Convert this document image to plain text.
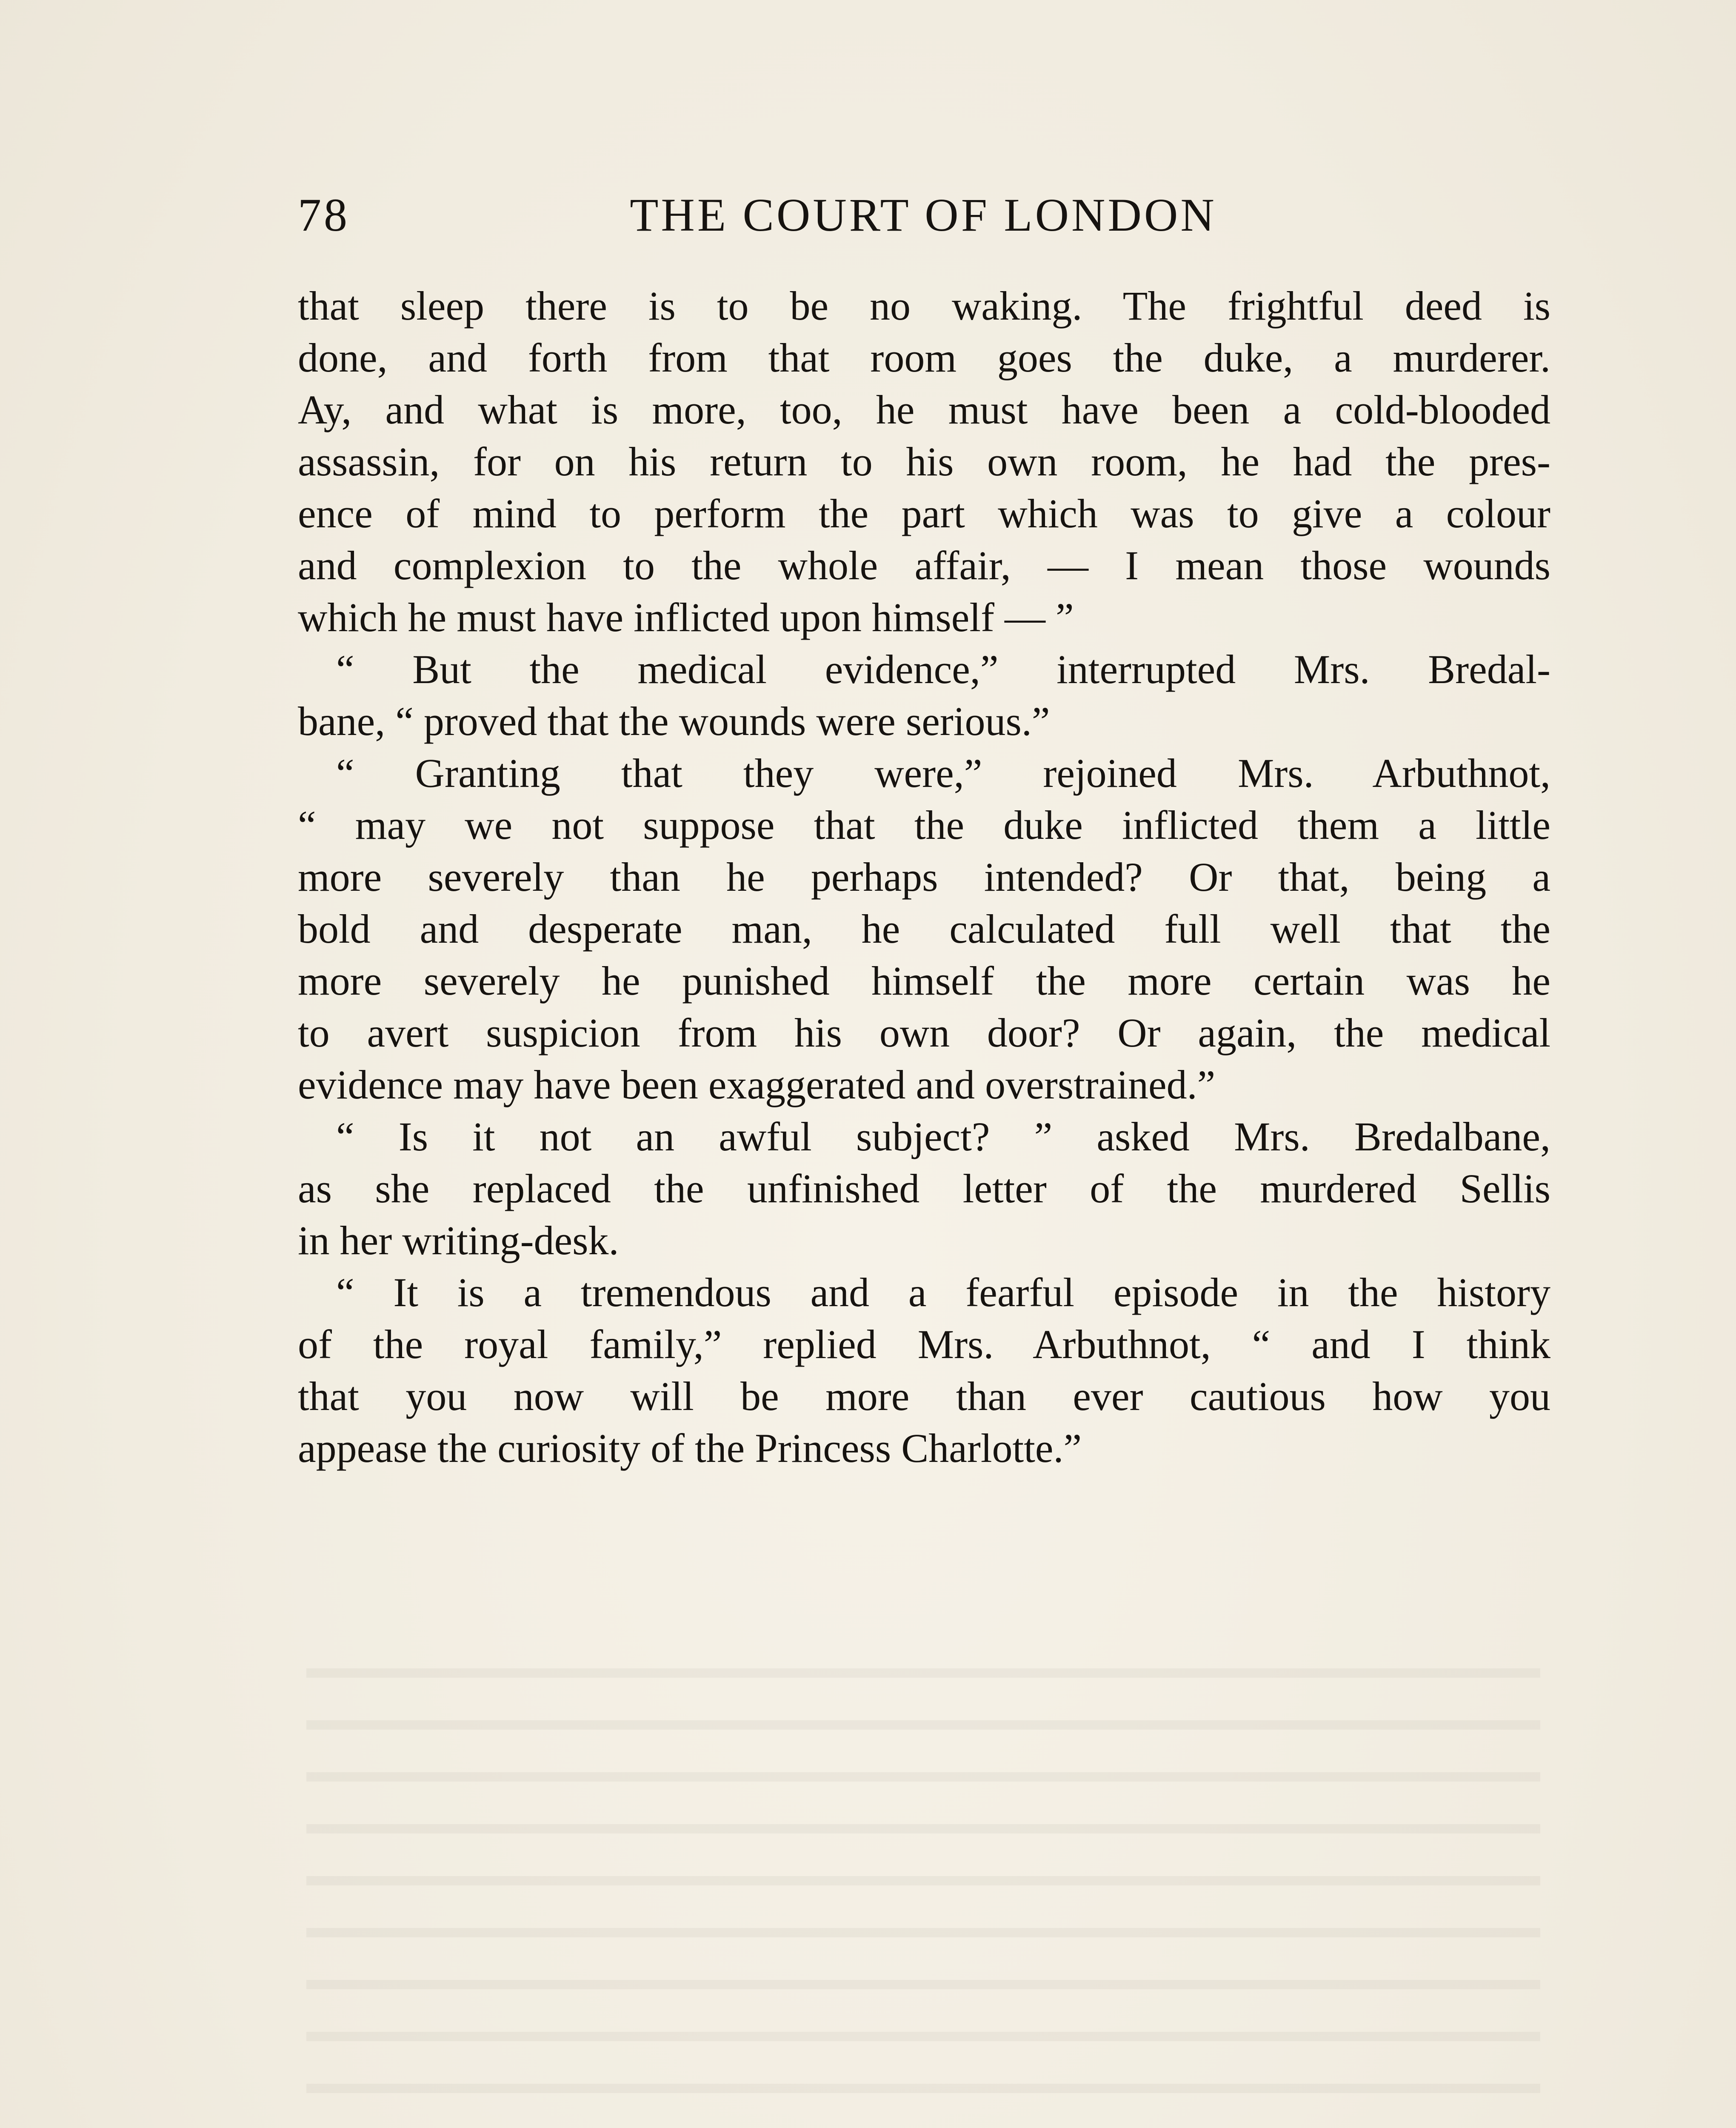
78	THE COURT OF LONDON
that sleep there is to be no waking. The frightful deed is
done, and forth from that room goes the duke, a murderer.
Ay, and what is more, too, he must have been a cold-blooded
assassin, for on his return to his own room, he had the pres-
ence of mind to perform the part which was to give a colour
and complexion to the whole affair, — I mean those wounds
which he must have inflicted upon himself — ”
“ But the medical evidence,” interrupted Mrs. Bredal-
bane, “ proved that the wounds were serious.”
“ Granting that they were,” rejoined Mrs. Arbuthnot,
“ may we not suppose that the duke inflicted them a little
more severely than he perhaps intended? Or that, being a
bold and desperate man, he calculated full well that the
more severely he punished himself the more certain was he
to avert suspicion from his own door? Or again, the medical
evidence may have been exaggerated and overstrained.”
“ Is it not an awful subject? ” asked Mrs. Bredalbane,
as she replaced the unfinished letter of the murdered Sellis
in her writing-desk.
“ It is a tremendous and a fearful episode in the history
of the royal family,” replied Mrs. Arbuthnot, “ and I think
that you now will be more than ever cautious how you
appease the curiosity of the Princess Charlotte.”
